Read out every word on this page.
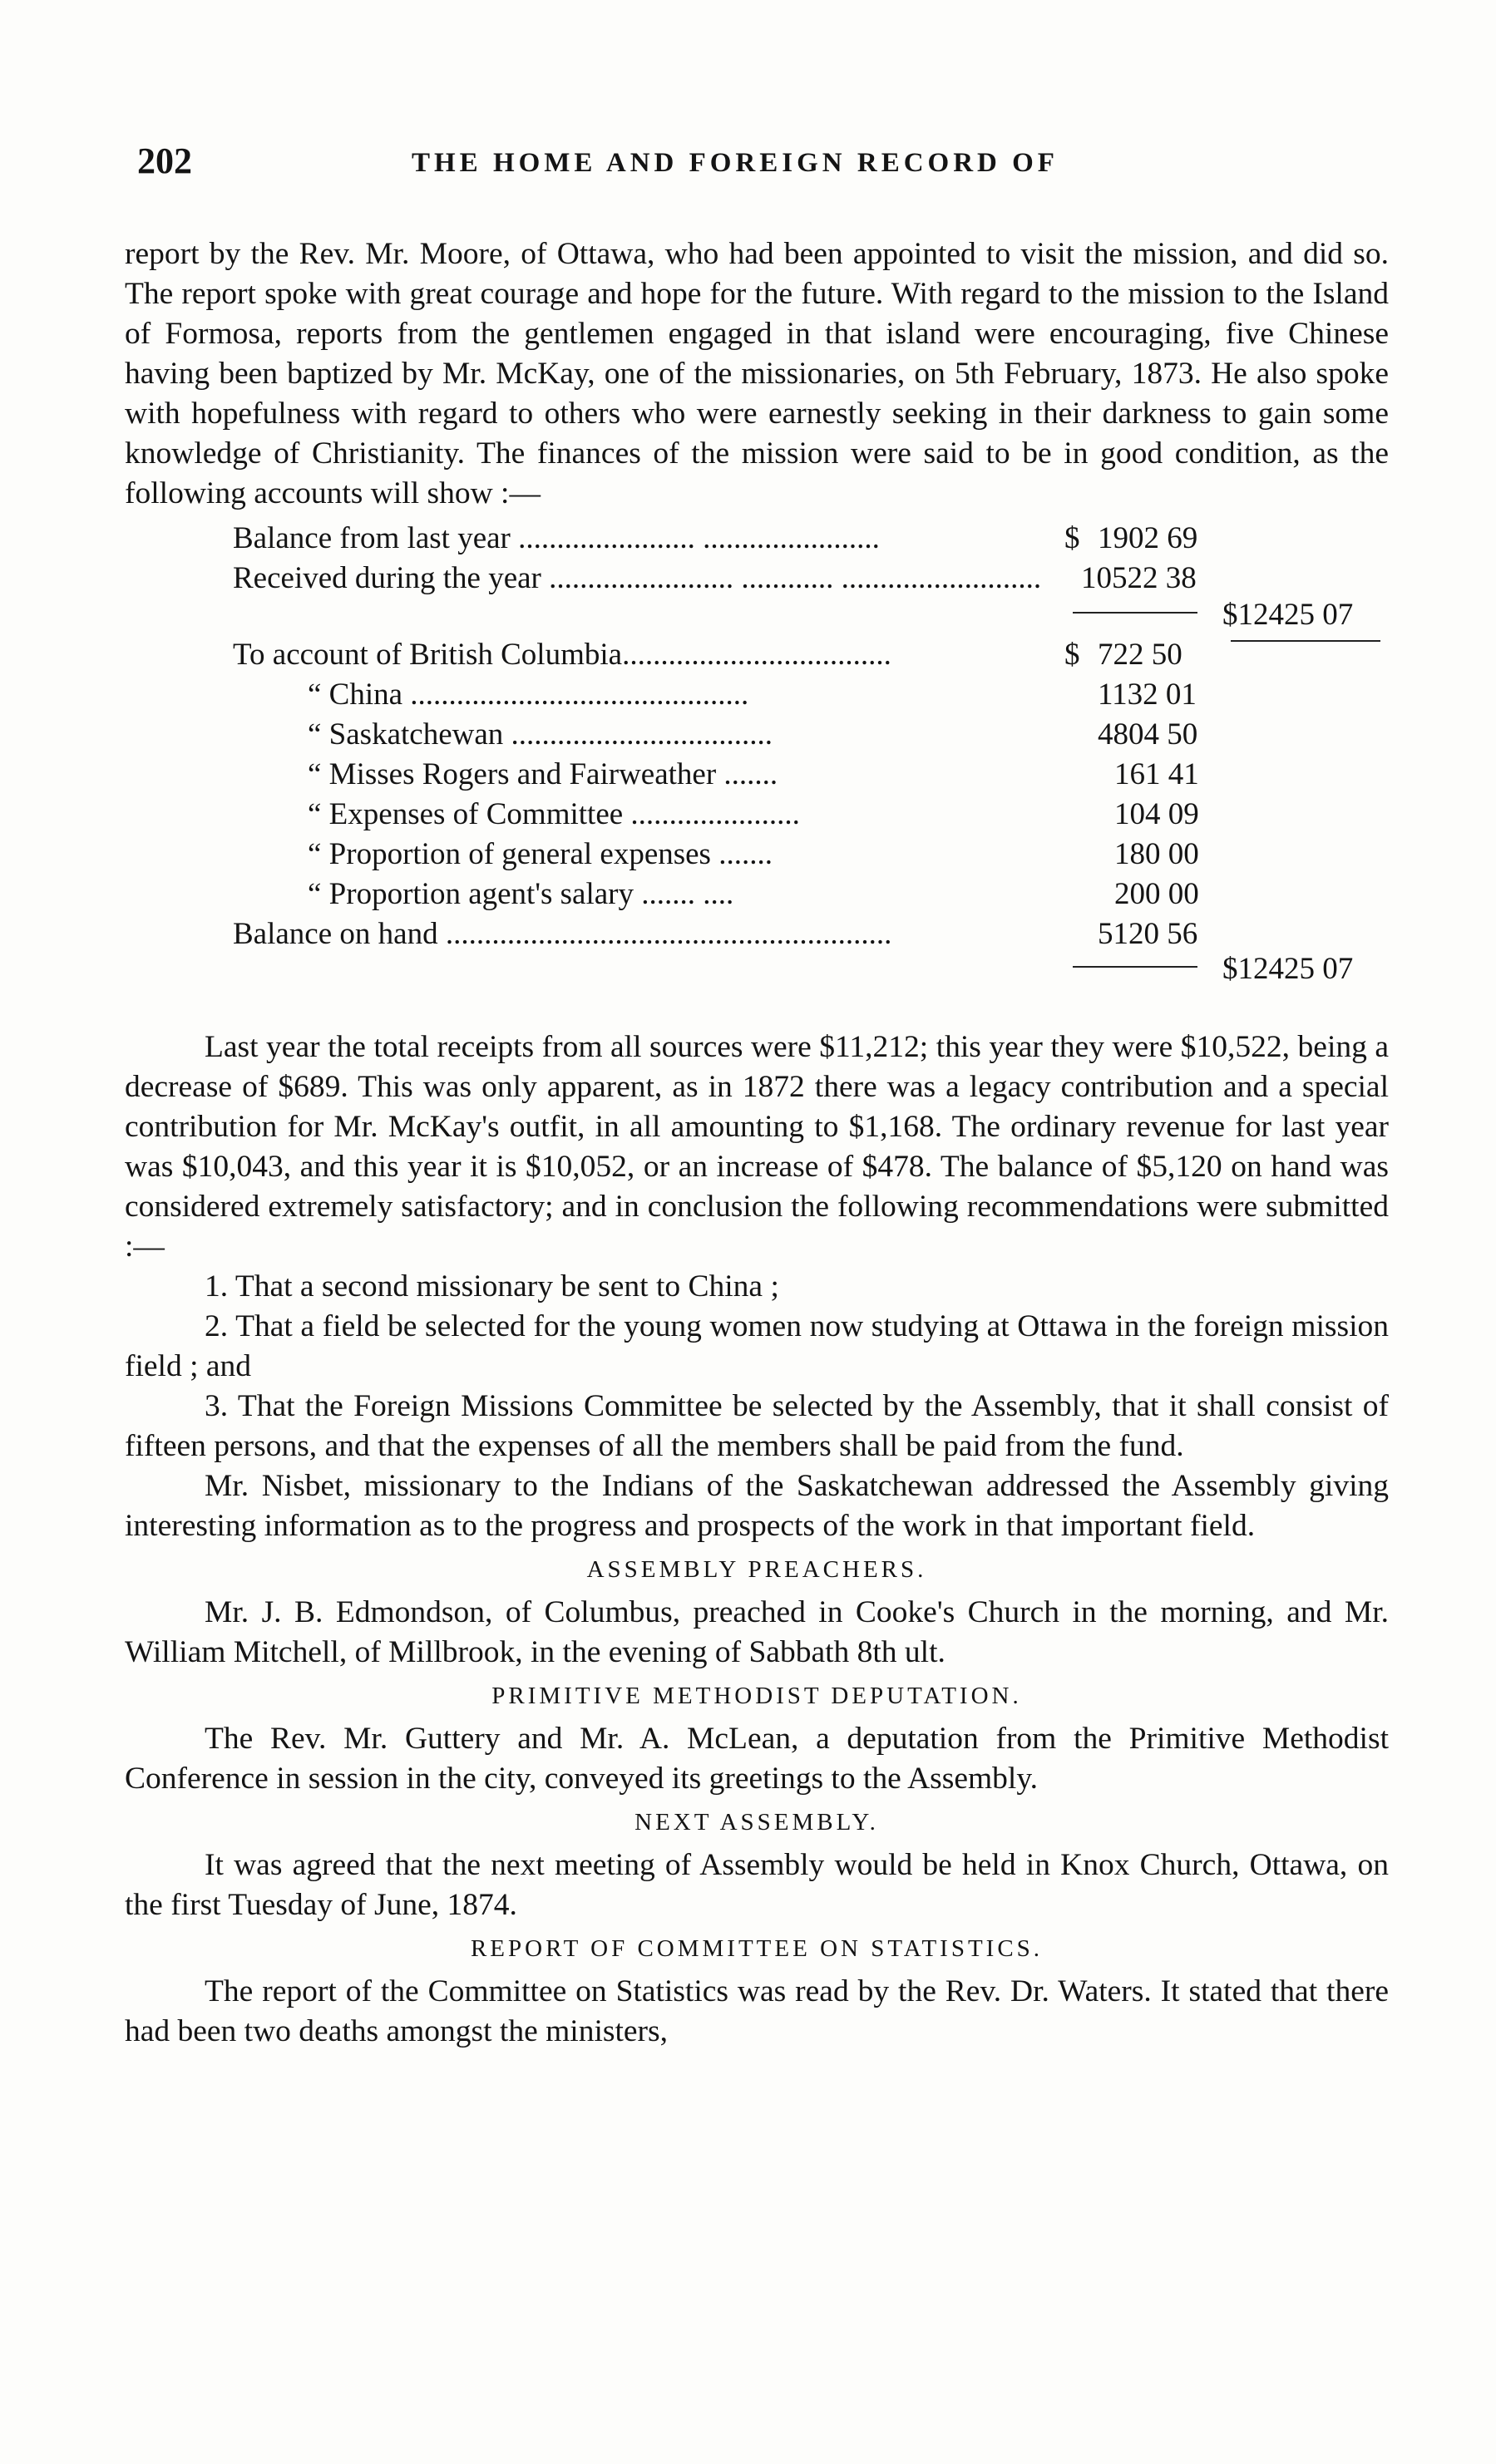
202	THE HOME AND FOREIGN RECORD OF

report by the Rev. Mr. Moore, of Ottawa, who had been appointed to visit the mission, and did so. The report spoke with great courage and hope for the future. With regard to the mission to the Island of Formosa, reports from the gentlemen engaged in that island were encouraging, five Chinese having been baptized by Mr. McKay, one of the missionaries, on 5th February, 1873. He also spoke with hopefulness with regard to others who were earnestly seeking in their darkness to gain some knowledge of Christianity. The finances of the mission were said to be in good condition, as the following accounts will show :—

Balance from last year ....................... .......................	$ 1902 69
Received during the year ........................ ............ .......................... 10522 38
$12425 07
To account of British Columbia...................................	$ 722 50
“ China ............................................	1132 01
“ Saskatchewan ..................................	4804 50
“ Misses Rogers and Fairweather .......	161 41
“ Expenses of Committee ......................	104 09
“ Proportion of general expenses .......	180 00
“ Proportion agent's salary ....... ....	200 00
Balance on hand ..........................................................	5120 56
$12425 07

Last year the total receipts from all sources were $11,212; this year they were $10,522, being a decrease of $689. This was only apparent, as in 1872 there was a legacy contribution and a special contribution for Mr. McKay's outfit, in all amounting to $1,168. The ordinary revenue for last year was $10,043, and this year it is $10,052, or an increase of $478. The balance of $5,120 on hand was considered extremely satisfactory; and in conclusion the following recommendations were submitted :—

1. That a second missionary be sent to China ;

2. That a field be selected for the young women now studying at Ottawa in the foreign mission field ; and

3. That the Foreign Missions Committee be selected by the Assembly, that it shall consist of fifteen persons, and that the expenses of all the members shall be paid from the fund.

Mr. Nisbet, missionary to the Indians of the Saskatchewan addressed the Assembly giving interesting information as to the progress and prospects of the work in that important field.

ASSEMBLY PREACHERS.

Mr. J. B. Edmondson, of Columbus, preached in Cooke's Church in the morning, and Mr. William Mitchell, of Millbrook, in the evening of Sabbath 8th ult.

PRIMITIVE METHODIST DEPUTATION.

The Rev. Mr. Guttery and Mr. A. McLean, a deputation from the Primitive Methodist Conference in session in the city, conveyed its greetings to the Assembly.

NEXT ASSEMBLY.

It was agreed that the next meeting of Assembly would be held in Knox Church, Ottawa, on the first Tuesday of June, 1874.

REPORT OF COMMITTEE ON STATISTICS.

The report of the Committee on Statistics was read by the Rev. Dr. Waters. It stated that there had been two deaths amongst the ministers,
